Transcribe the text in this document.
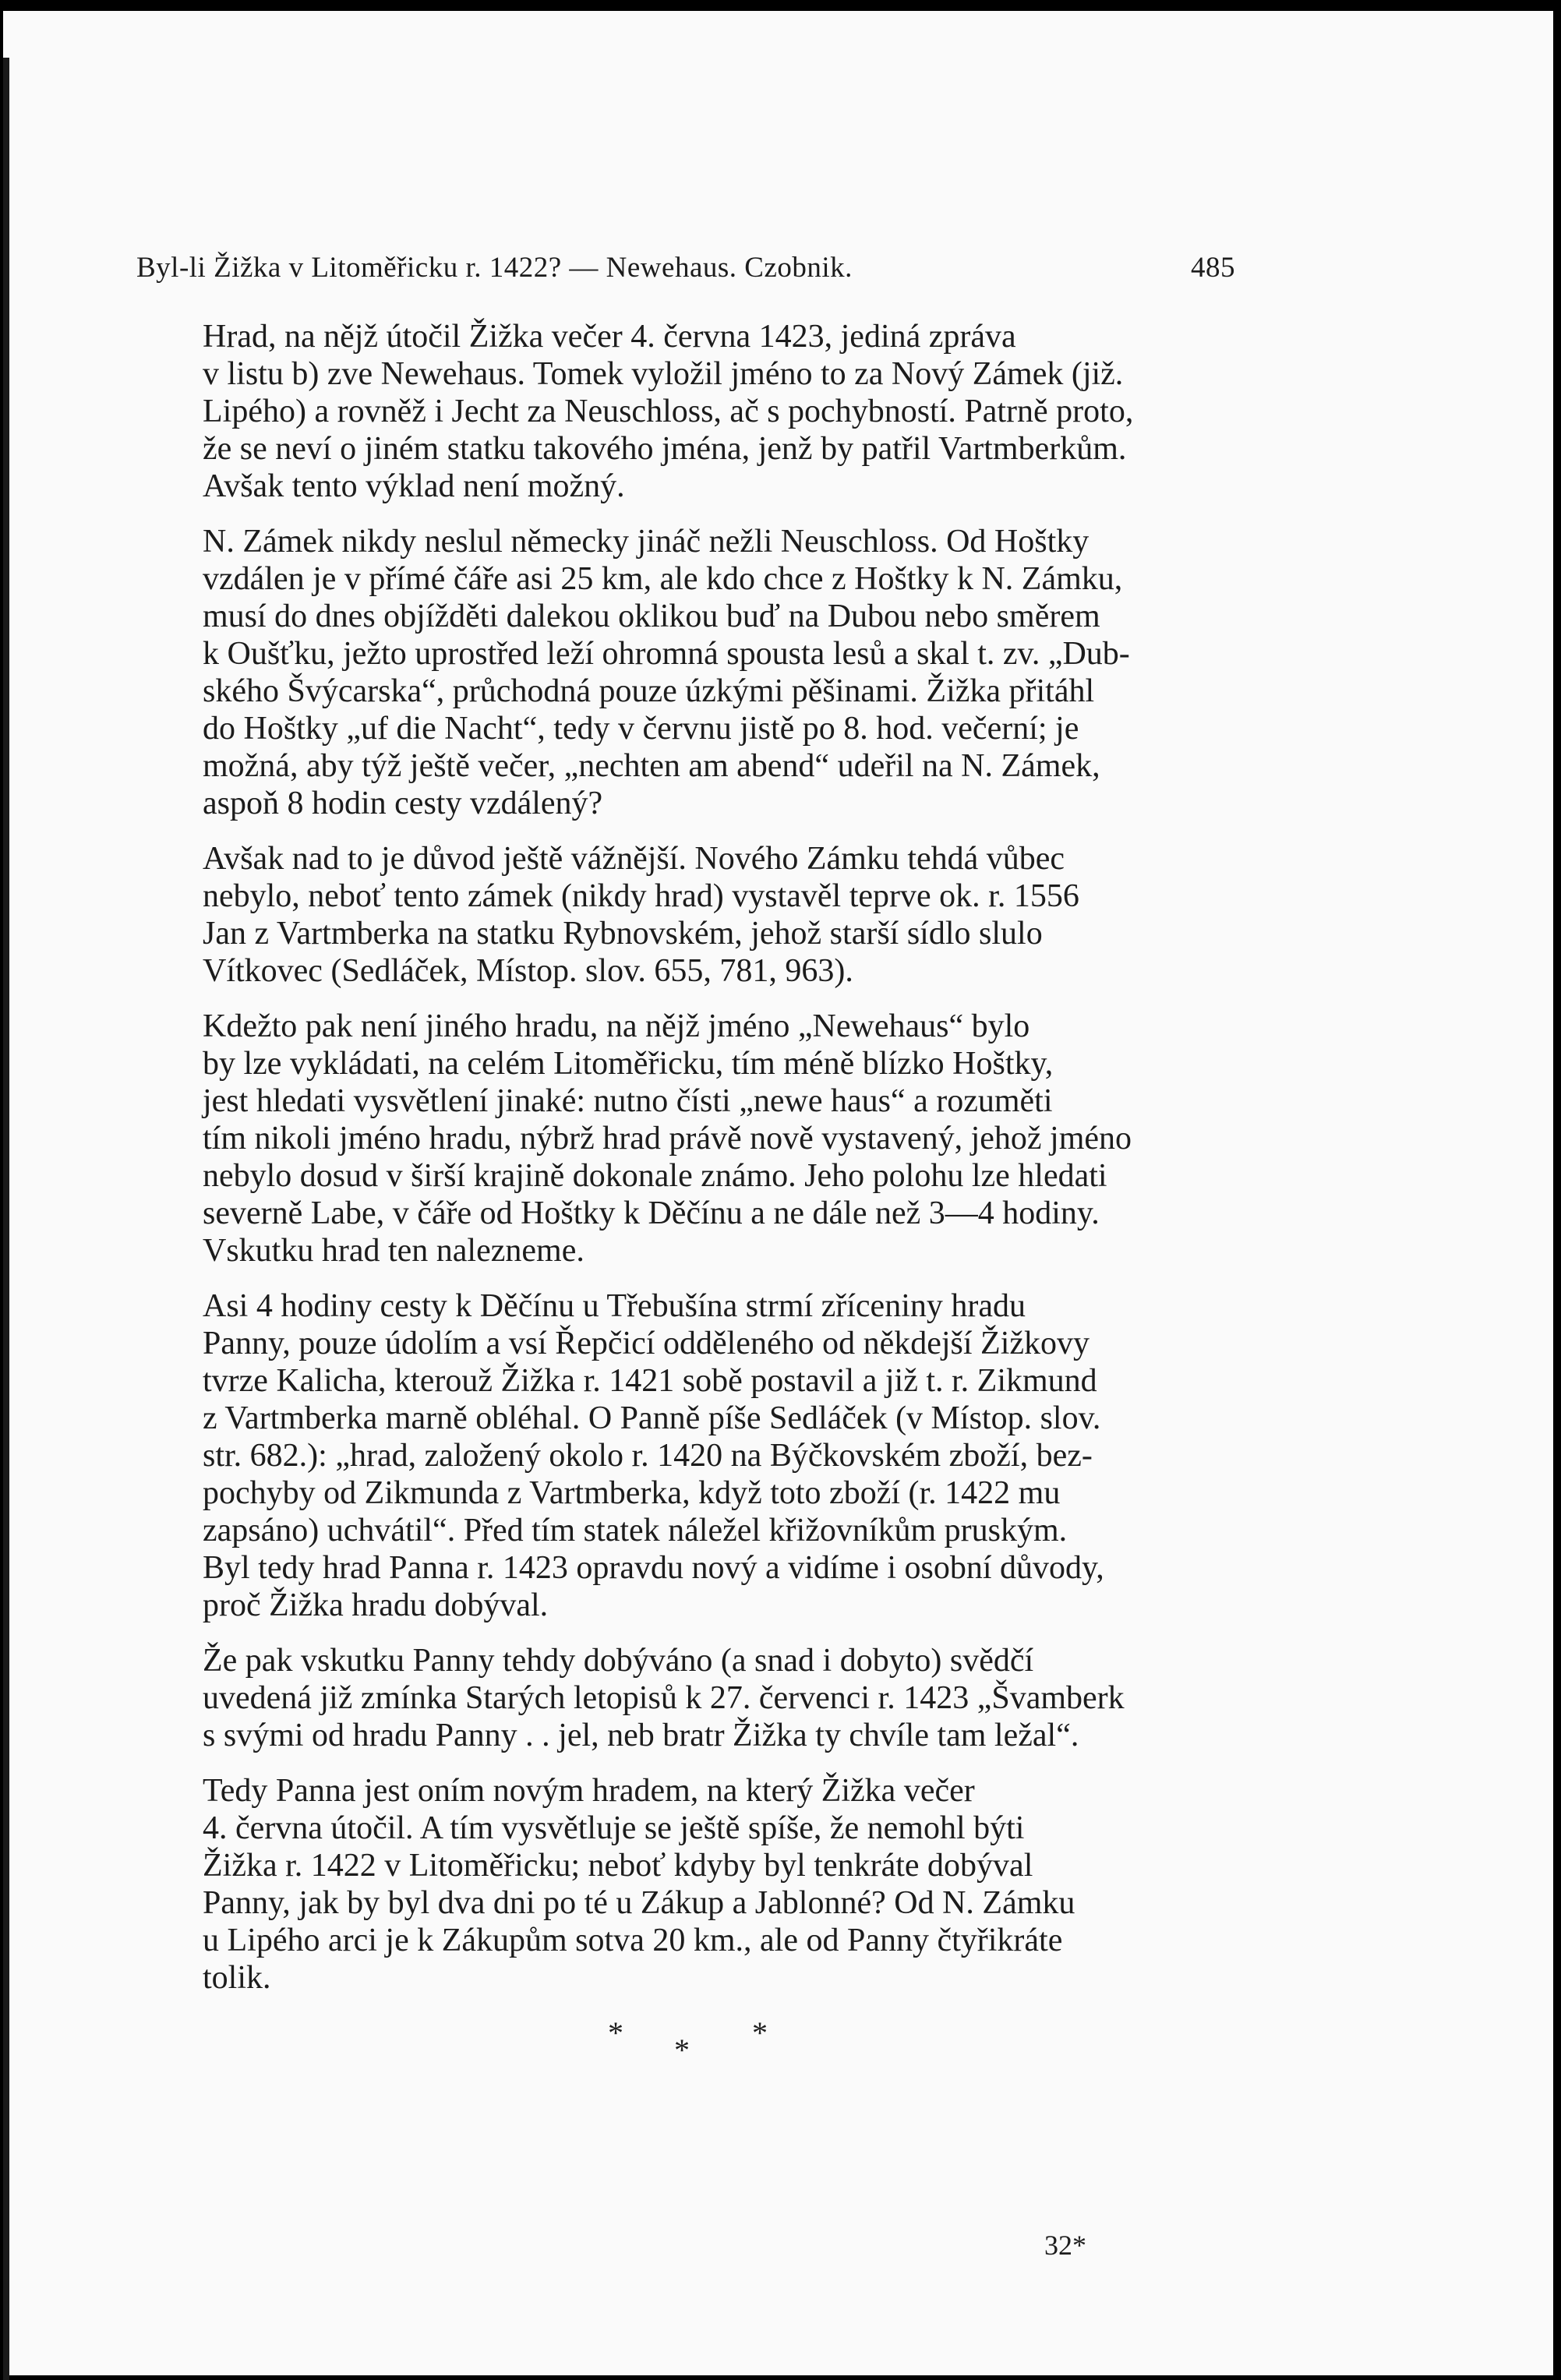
Byl-li Žižka v Litoměřicku r. 1422? — Newehaus. Czobnik.	485

Hrad, na nějž útočil Žižka večer 4. června 1423, jediná zpráva
v listu b) zve Newehaus. Tomek vyložil jméno to za Nový Zámek (již.
Lipého) a rovněž i Jecht za Neuschloss, ač s pochybností. Patrně proto,
že se neví o jiném statku takového jména, jenž by patřil Vartmberkům.
Avšak tento výklad není možný.

N. Zámek nikdy neslul německy jináč nežli Neuschloss. Od Hoštky
vzdálen je v přímé čáře asi 25 km, ale kdo chce z Hoštky k N. Zámku,
musí do dnes objížděti dalekou oklikou buď na Dubou nebo směrem
k Oušťku, ježto uprostřed leží ohromná spousta lesů a skal t. zv. „Dub-
ského Švýcarska“, průchodná pouze úzkými pěšinami. Žižka přitáhl
do Hoštky „uf die Nacht“, tedy v červnu jistě po 8. hod. večerní; je
možná, aby týž ještě večer, „nechten am abend“ udeřil na N. Zámek,
aspoň 8 hodin cesty vzdálený?

Avšak nad to je důvod ještě vážnější. Nového Zámku tehdá vůbec
nebylo, neboť tento zámek (nikdy hrad) vystavěl teprve ok. r. 1556
Jan z Vartmberka na statku Rybnovském, jehož starší sídlo slulo
Vítkovec (Sedláček, Místop. slov. 655, 781, 963).

Kdežto pak není jiného hradu, na nějž jméno „Newehaus“ bylo
by lze vykládati, na celém Litoměřicku, tím méně blízko Hoštky,
jest hledati vysvětlení jinaké: nutno čísti „newe haus“ a rozuměti
tím nikoli jméno hradu, nýbrž hrad právě nově vystavený, jehož jméno
nebylo dosud v širší krajině dokonale známo. Jeho polohu lze hledati
severně Labe, v čáře od Hoštky k Děčínu a ne dále než 3—4 hodiny.
Vskutku hrad ten nalezneme.

Asi 4 hodiny cesty k Děčínu u Třebušína strmí zříceniny hradu
Panny, pouze údolím a vsí Řepčicí odděleného od někdejší Žižkovy
tvrze Kalicha, kterouž Žižka r. 1421 sobě postavil a již t. r. Zikmund
z Vartmberka marně obléhal. O Panně píše Sedláček (v Místop. slov.
str. 682.): „hrad, založený okolo r. 1420 na Býčkovském zboží, bez-
pochyby od Zikmunda z Vartmberka, když toto zboží (r. 1422 mu
zapsáno) uchvátil“. Před tím statek náležel křižovníkům pruským.
Byl tedy hrad Panna r. 1423 opravdu nový a vidíme i osobní důvody,
proč Žižka hradu dobýval.

Že pak vskutku Panny tehdy dobýváno (a snad i dobyto) svědčí
uvedená již zmínka Starých letopisů k 27. červenci r. 1423 „Švamberk
s svými od hradu Panny . . jel, neb bratr Žižka ty chvíle tam ležal“.

Tedy Panna jest oním novým hradem, na který Žižka večer
4. června útočil. A tím vysvětluje se ještě spíše, že nemohl býti
Žižka r. 1422 v Litoměřicku; neboť kdyby byl tenkráte dobýval
Panny, jak by byl dva dni po té u Zákup a Jablonné? Od N. Zámku
u Lipého arci je k Zákupům sotva 20 km., ale od Panny čtyřikráte
tolik.

* * *
32*
